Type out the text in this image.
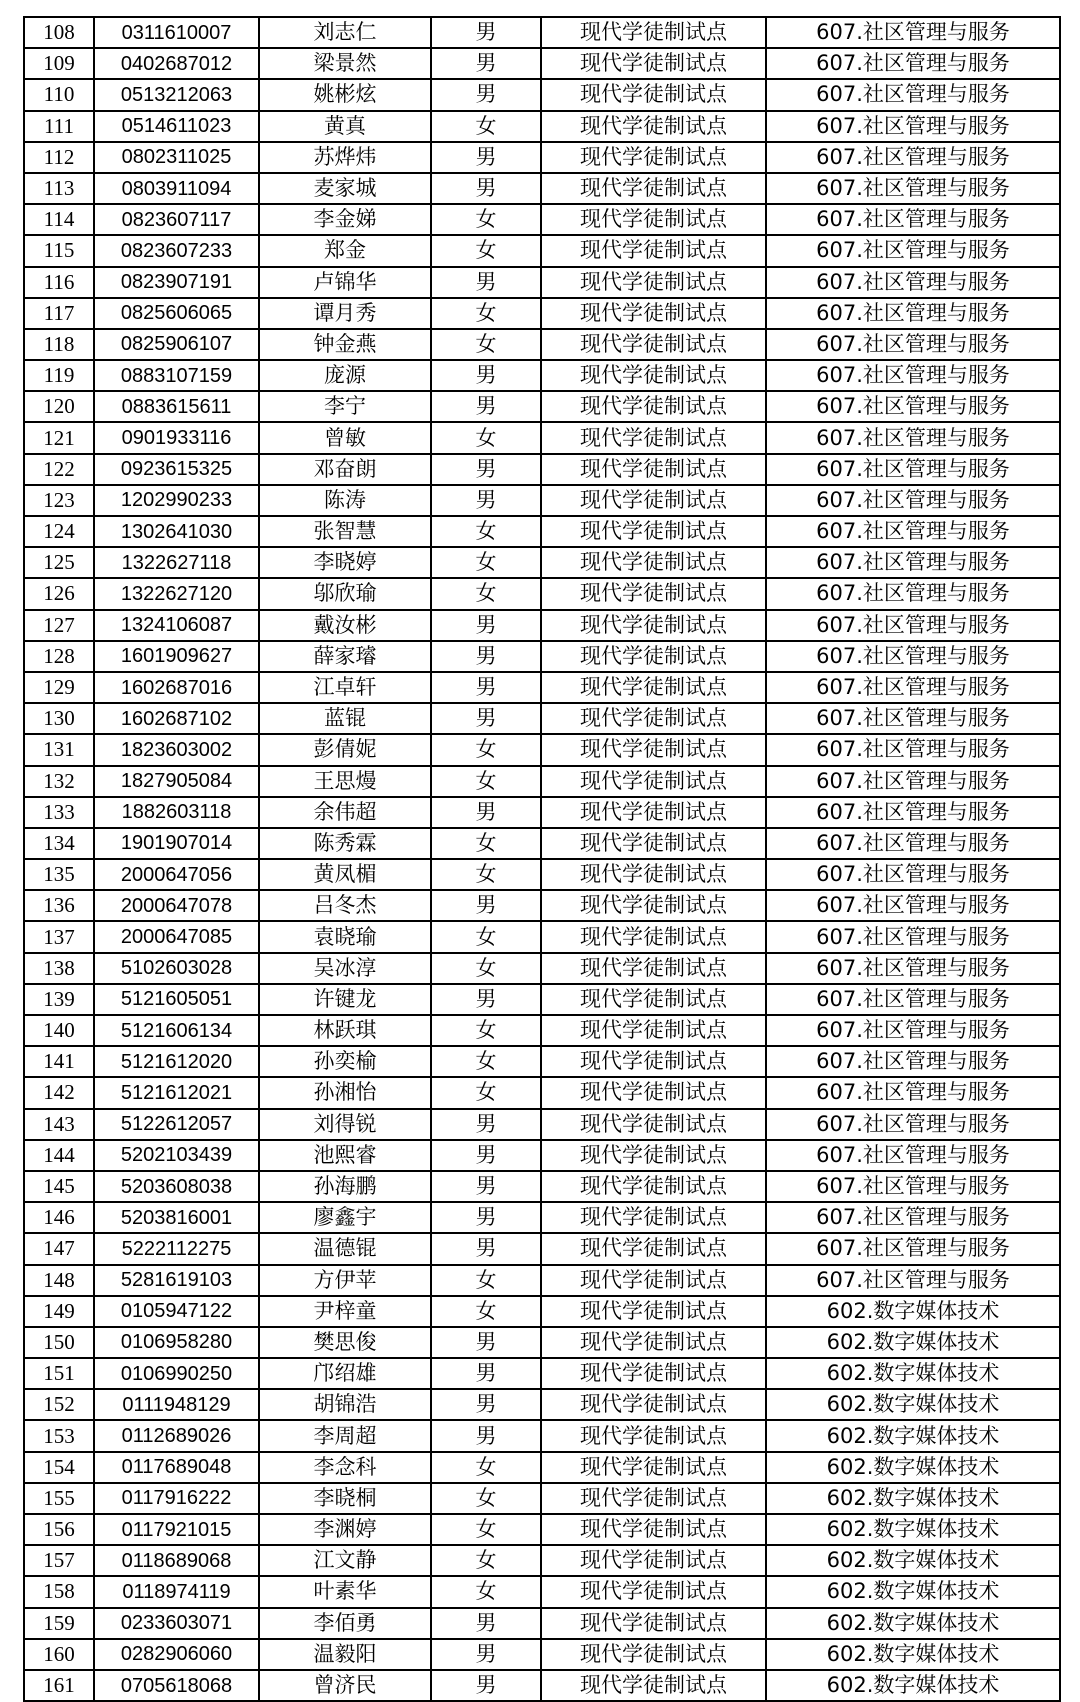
108	0311610007	刘志仁	男	现代学徒制试点	607.社区管理与服务
109	0402687012	梁景然	男	现代学徒制试点	607.社区管理与服务
110	0513212063	姚彬炫	男	现代学徒制试点	607.社区管理与服务
111	0514611023	黄真	女	现代学徒制试点	607.社区管理与服务
112	0802311025	苏烨炜	男	现代学徒制试点	607.社区管理与服务
113	0803911094	麦家城	男	现代学徒制试点	607.社区管理与服务
114	0823607117	李金娣	女	现代学徒制试点	607.社区管理与服务
115	0823607233	郑金	女	现代学徒制试点	607.社区管理与服务
116	0823907191	卢锦华	男	现代学徒制试点	607.社区管理与服务
117	0825606065	谭月秀	女	现代学徒制试点	607.社区管理与服务
118	0825906107	钟金燕	女	现代学徒制试点	607.社区管理与服务
119	0883107159	庞源	男	现代学徒制试点	607.社区管理与服务
120	0883615611	李宁	男	现代学徒制试点	607.社区管理与服务
121	0901933116	曾敏	女	现代学徒制试点	607.社区管理与服务
122	0923615325	邓奋朗	男	现代学徒制试点	607.社区管理与服务
123	1202990233	陈涛	男	现代学徒制试点	607.社区管理与服务
124	1302641030	张智慧	女	现代学徒制试点	607.社区管理与服务
125	1322627118	李晓婷	女	现代学徒制试点	607.社区管理与服务
126	1322627120	邬欣瑜	女	现代学徒制试点	607.社区管理与服务
127	1324106087	戴汝彬	男	现代学徒制试点	607.社区管理与服务
128	1601909627	薛家璿	男	现代学徒制试点	607.社区管理与服务
129	1602687016	江卓轩	男	现代学徒制试点	607.社区管理与服务
130	1602687102	蓝锟	男	现代学徒制试点	607.社区管理与服务
131	1823603002	彭倩妮	女	现代学徒制试点	607.社区管理与服务
132	1827905084	王思熳	女	现代学徒制试点	607.社区管理与服务
133	1882603118	余伟超	男	现代学徒制试点	607.社区管理与服务
134	1901907014	陈秀霖	女	现代学徒制试点	607.社区管理与服务
135	2000647056	黄凤楣	女	现代学徒制试点	607.社区管理与服务
136	2000647078	吕冬杰	男	现代学徒制试点	607.社区管理与服务
137	2000647085	袁晓瑜	女	现代学徒制试点	607.社区管理与服务
138	5102603028	吴冰淳	女	现代学徒制试点	607.社区管理与服务
139	5121605051	许键龙	男	现代学徒制试点	607.社区管理与服务
140	5121606134	林跃琪	女	现代学徒制试点	607.社区管理与服务
141	5121612020	孙奕榆	女	现代学徒制试点	607.社区管理与服务
142	5121612021	孙湘怡	女	现代学徒制试点	607.社区管理与服务
143	5122612057	刘得锐	男	现代学徒制试点	607.社区管理与服务
144	5202103439	池熙睿	男	现代学徒制试点	607.社区管理与服务
145	5203608038	孙海鹏	男	现代学徒制试点	607.社区管理与服务
146	5203816001	廖鑫宇	男	现代学徒制试点	607.社区管理与服务
147	5222112275	温德锟	男	现代学徒制试点	607.社区管理与服务
148	5281619103	方伊苹	女	现代学徒制试点	607.社区管理与服务
149	0105947122	尹梓童	女	现代学徒制试点	602.数字媒体技术
150	0106958280	樊思俊	男	现代学徒制试点	602.数字媒体技术
151	0106990250	邝绍雄	男	现代学徒制试点	602.数字媒体技术
152	0111948129	胡锦浩	男	现代学徒制试点	602.数字媒体技术
153	0112689026	李周超	男	现代学徒制试点	602.数字媒体技术
154	0117689048	李念科	女	现代学徒制试点	602.数字媒体技术
155	0117916222	李晓桐	女	现代学徒制试点	602.数字媒体技术
156	0117921015	李渊婷	女	现代学徒制试点	602.数字媒体技术
157	0118689068	江文静	女	现代学徒制试点	602.数字媒体技术
158	0118974119	叶素华	女	现代学徒制试点	602.数字媒体技术
159	0233603071	李佰勇	男	现代学徒制试点	602.数字媒体技术
160	0282906060	温毅阳	男	现代学徒制试点	602.数字媒体技术
161	0705618068	曾济民	男	现代学徒制试点	602.数字媒体技术
